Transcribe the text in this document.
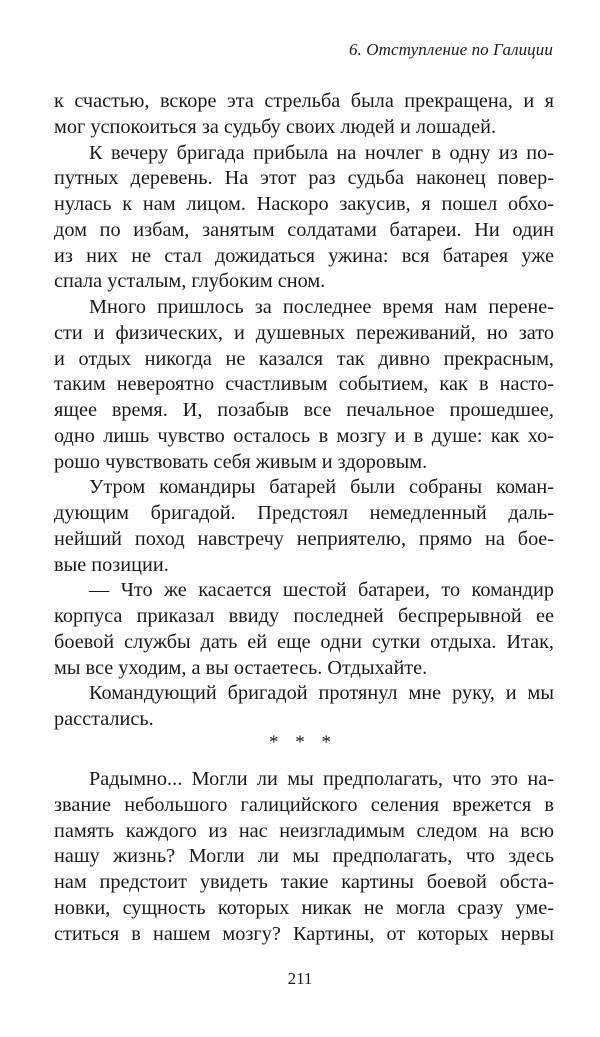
6. Отступление по Галиции
к счастью, вскоре эта стрельба была прекращена, и я
мог успокоиться за судьбу своих людей и лошадей.
К вечеру бригада прибыла на ночлег в одну из по-
путных деревень. На этот раз судьба наконец повер-
нулась к нам лицом. Наскоро закусив, я пошел обхо-
дом по избам, занятым солдатами батареи. Ни один
из них не стал дожидаться ужина: вся батарея уже
спала усталым, глубоким сном.
Много пришлось за последнее время нам перене-
сти и физических, и душевных переживаний, но зато
и отдых никогда не казался так дивно прекрасным,
таким невероятно счастливым событием, как в насто-
ящее время. И, позабыв все печальное прошедшее,
одно лишь чувство осталось в мозгу и в душе: как хо-
рошо чувствовать себя живым и здоровым.
Утром командиры батарей были собраны коман-
дующим бригадой. Предстоял немедленный даль-
нейший поход навстречу неприятелю, прямо на боe-
вые позиции.
— Что же касается шестой батареи, то командир
корпуса приказал ввиду последней беспрерывной ее
боевой службы дать ей еще одни сутки отдыха. Итак,
мы все уходим, а вы остаетесь. Отдыхайте.
Командующий бригадой протянул мне руку, и мы
расстались.
* * *
Радымно... Могли ли мы предполагать, что это на-
звание небольшого галицийского селения врежется в
память каждого из нас неизгладимым следом на всю
нашу жизнь? Могли ли мы предполагать, что здесь
нам предстоит увидеть такие картины боевой обста-
новки, сущность которых никак не могла сразу уме-
ститься в нашем мозгу? Картины, от которых нервы
211
